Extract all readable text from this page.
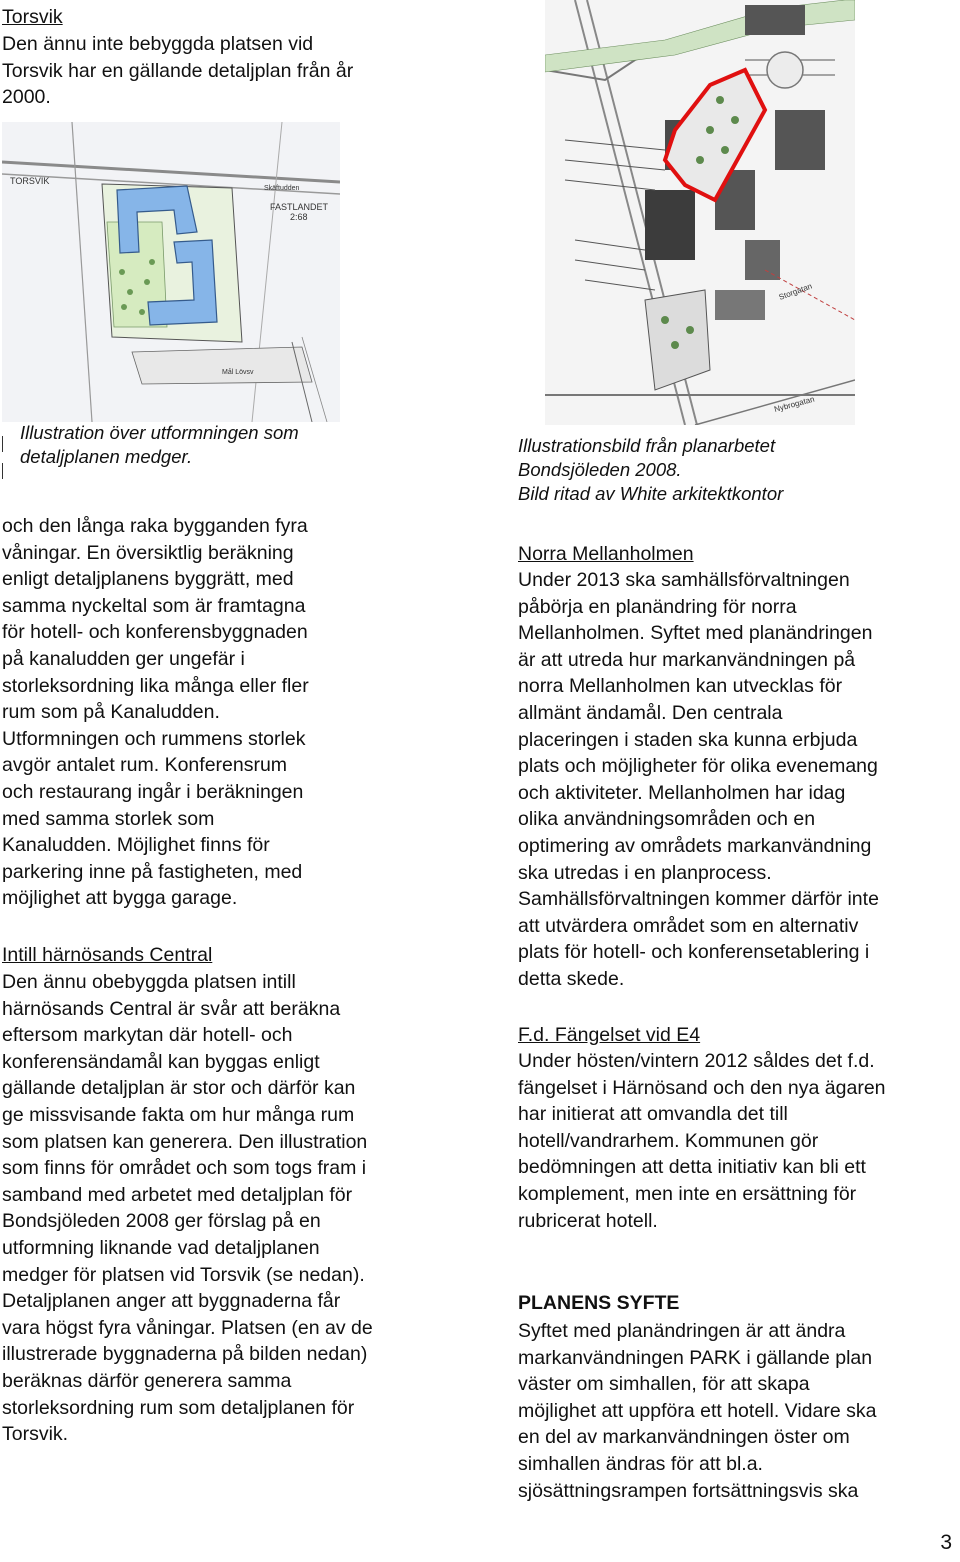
Torsvik
Den ännu inte bebyggda platsen vid
Torsvik har en gällande detaljplan från år
2000.
TORSVIK
FASTLANDET
2:68
Skäftudden
Mål Lövsv
Illustration över utformningen som
detaljplanen medger.
och den långa raka bygganden fyra
våningar. En översiktlig beräkning
enligt detaljplanens byggrätt, med
samma nyckeltal som är framtagna
för hotell- och konferensbyggnaden
på kanaludden ger ungefär i
storleksordning lika många eller fler
rum som på Kanaludden.
Utformningen och rummens storlek
avgör antalet rum. Konferensrum
och restaurang ingår i beräkningen
med samma storlek som
Kanaludden. Möjlighet finns för
parkering inne på fastigheten, med
möjlighet att bygga garage.
Intill härnösands Central
Den ännu obebyggda platsen intill
härnösands Central är svår att beräkna
eftersom markytan där hotell- och
konferensändamål kan byggas enligt
gällande detaljplan är stor och därför kan
ge missvisande fakta om hur många rum
som platsen kan generera. Den illustration
som finns för området och som togs fram i
samband med arbetet med detaljplan för
Bondsjöleden 2008 ger förslag på en
utformning liknande vad detaljplanen
medger för platsen vid Torsvik (se nedan).
Detaljplanen anger att byggnaderna får
vara högst fyra våningar. Platsen (en av de
illustrerade byggnaderna på bilden nedan)
beräknas därför generera samma
storleksordning rum som detaljplanen för
Torsvik.
Storgatan
Nybrogatan
Illustrationsbild från planarbetet
Bondsjöleden 2008.
Bild ritad av White arkitektkontor
Norra Mellanholmen
Under 2013 ska samhällsförvaltningen
påbörja en planändring för norra
Mellanholmen. Syftet med planändringen
är att utreda hur markanvändningen på
norra Mellanholmen kan utvecklas för
allmänt ändamål. Den centrala
placeringen i staden ska kunna erbjuda
plats och möjligheter för olika evenemang
och aktiviteter. Mellanholmen har idag
olika användningsområden och en
optimering av områdets markanvändning
ska utredas i en planprocess.
Samhällsförvaltningen kommer därför inte
att utvärdera området som en alternativ
plats för hotell- och konferensetablering i
detta skede.
F.d. Fängelset vid E4
Under hösten/vintern 2012 såldes det f.d.
fängelset i Härnösand och den nya ägaren
har initierat att omvandla det till
hotell/vandrarhem. Kommunen gör
bedömningen att detta initiativ kan bli ett
komplement, men inte en ersättning för
rubricerat hotell.
PLANENS SYFTE
Syftet med planändringen är att ändra
markanvändningen PARK i gällande plan
väster om simhallen, för att skapa
möjlighet att uppföra ett hotell. Vidare ska
en del av markanvändningen öster om
simhallen ändras för att bl.a.
sjösättningsrampen fortsättningsvis ska
3
